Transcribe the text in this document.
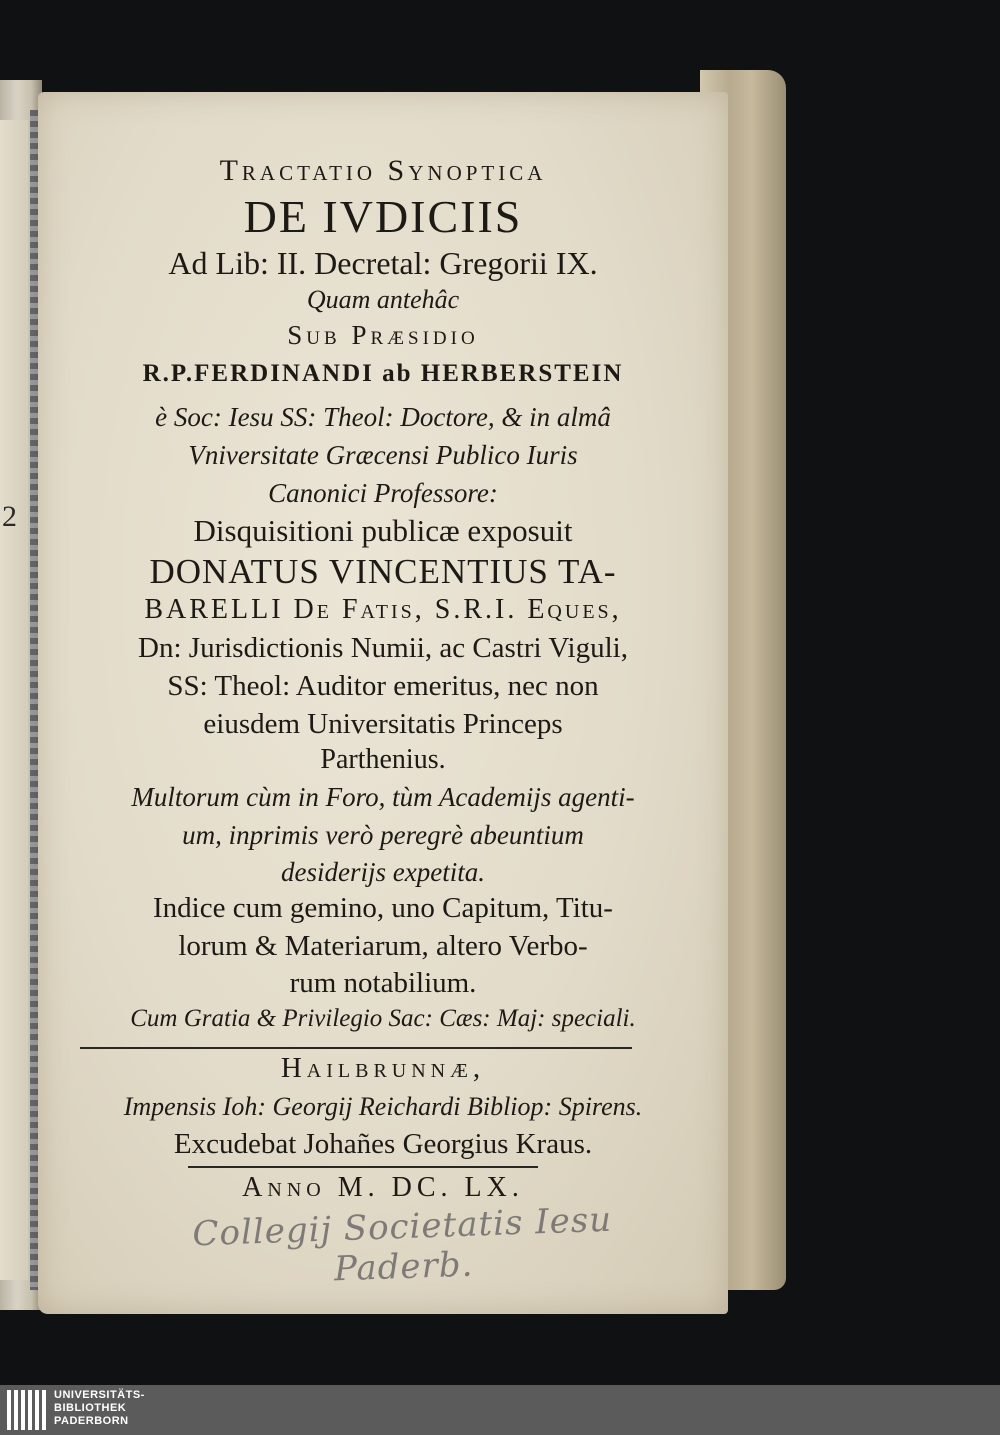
2
Tractatio Synoptica
DE IVDICIIS
Ad Lib: II. Decretal: Gregorii IX.
Quam antehâc
Sub Præsidio
R.P.FERDINANDI ab HERBERSTEIN
è Soc: Iesu SS: Theol: Doctore, & in almâ
Vniversitate Græcensi Publico Iuris
Canonici Professore:
Disquisitioni publicæ exposuit
DONATUS VINCENTIUS TA-
BARELLI De Fatis, S.R.I. Eques,
Dn: Jurisdictionis Numii, ac Castri Viguli,
SS: Theol: Auditor emeritus, nec non
eiusdem Universitatis Princeps
Parthenius.
Multorum cùm in Foro, tùm Academijs agenti-
um, inprimis verò peregrè abeuntium
desiderijs expetita.
Indice cum gemino, uno Capitum, Titu-
lorum & Materiarum, altero Verbo-
rum notabilium.
Cum Gratia & Privilegio Sac: Cæs: Maj: speciali.
Hailbrunnæ,
Impensis Ioh: Georgij Reichardi Bibliop: Spirens.
Excudebat Johañes Georgius Kraus.
Anno M. DC. LX.
Collegij Societatis Iesu Paderb.
UNIVERSITÄTS-
BIBLIOTHEK
PADERBORN
